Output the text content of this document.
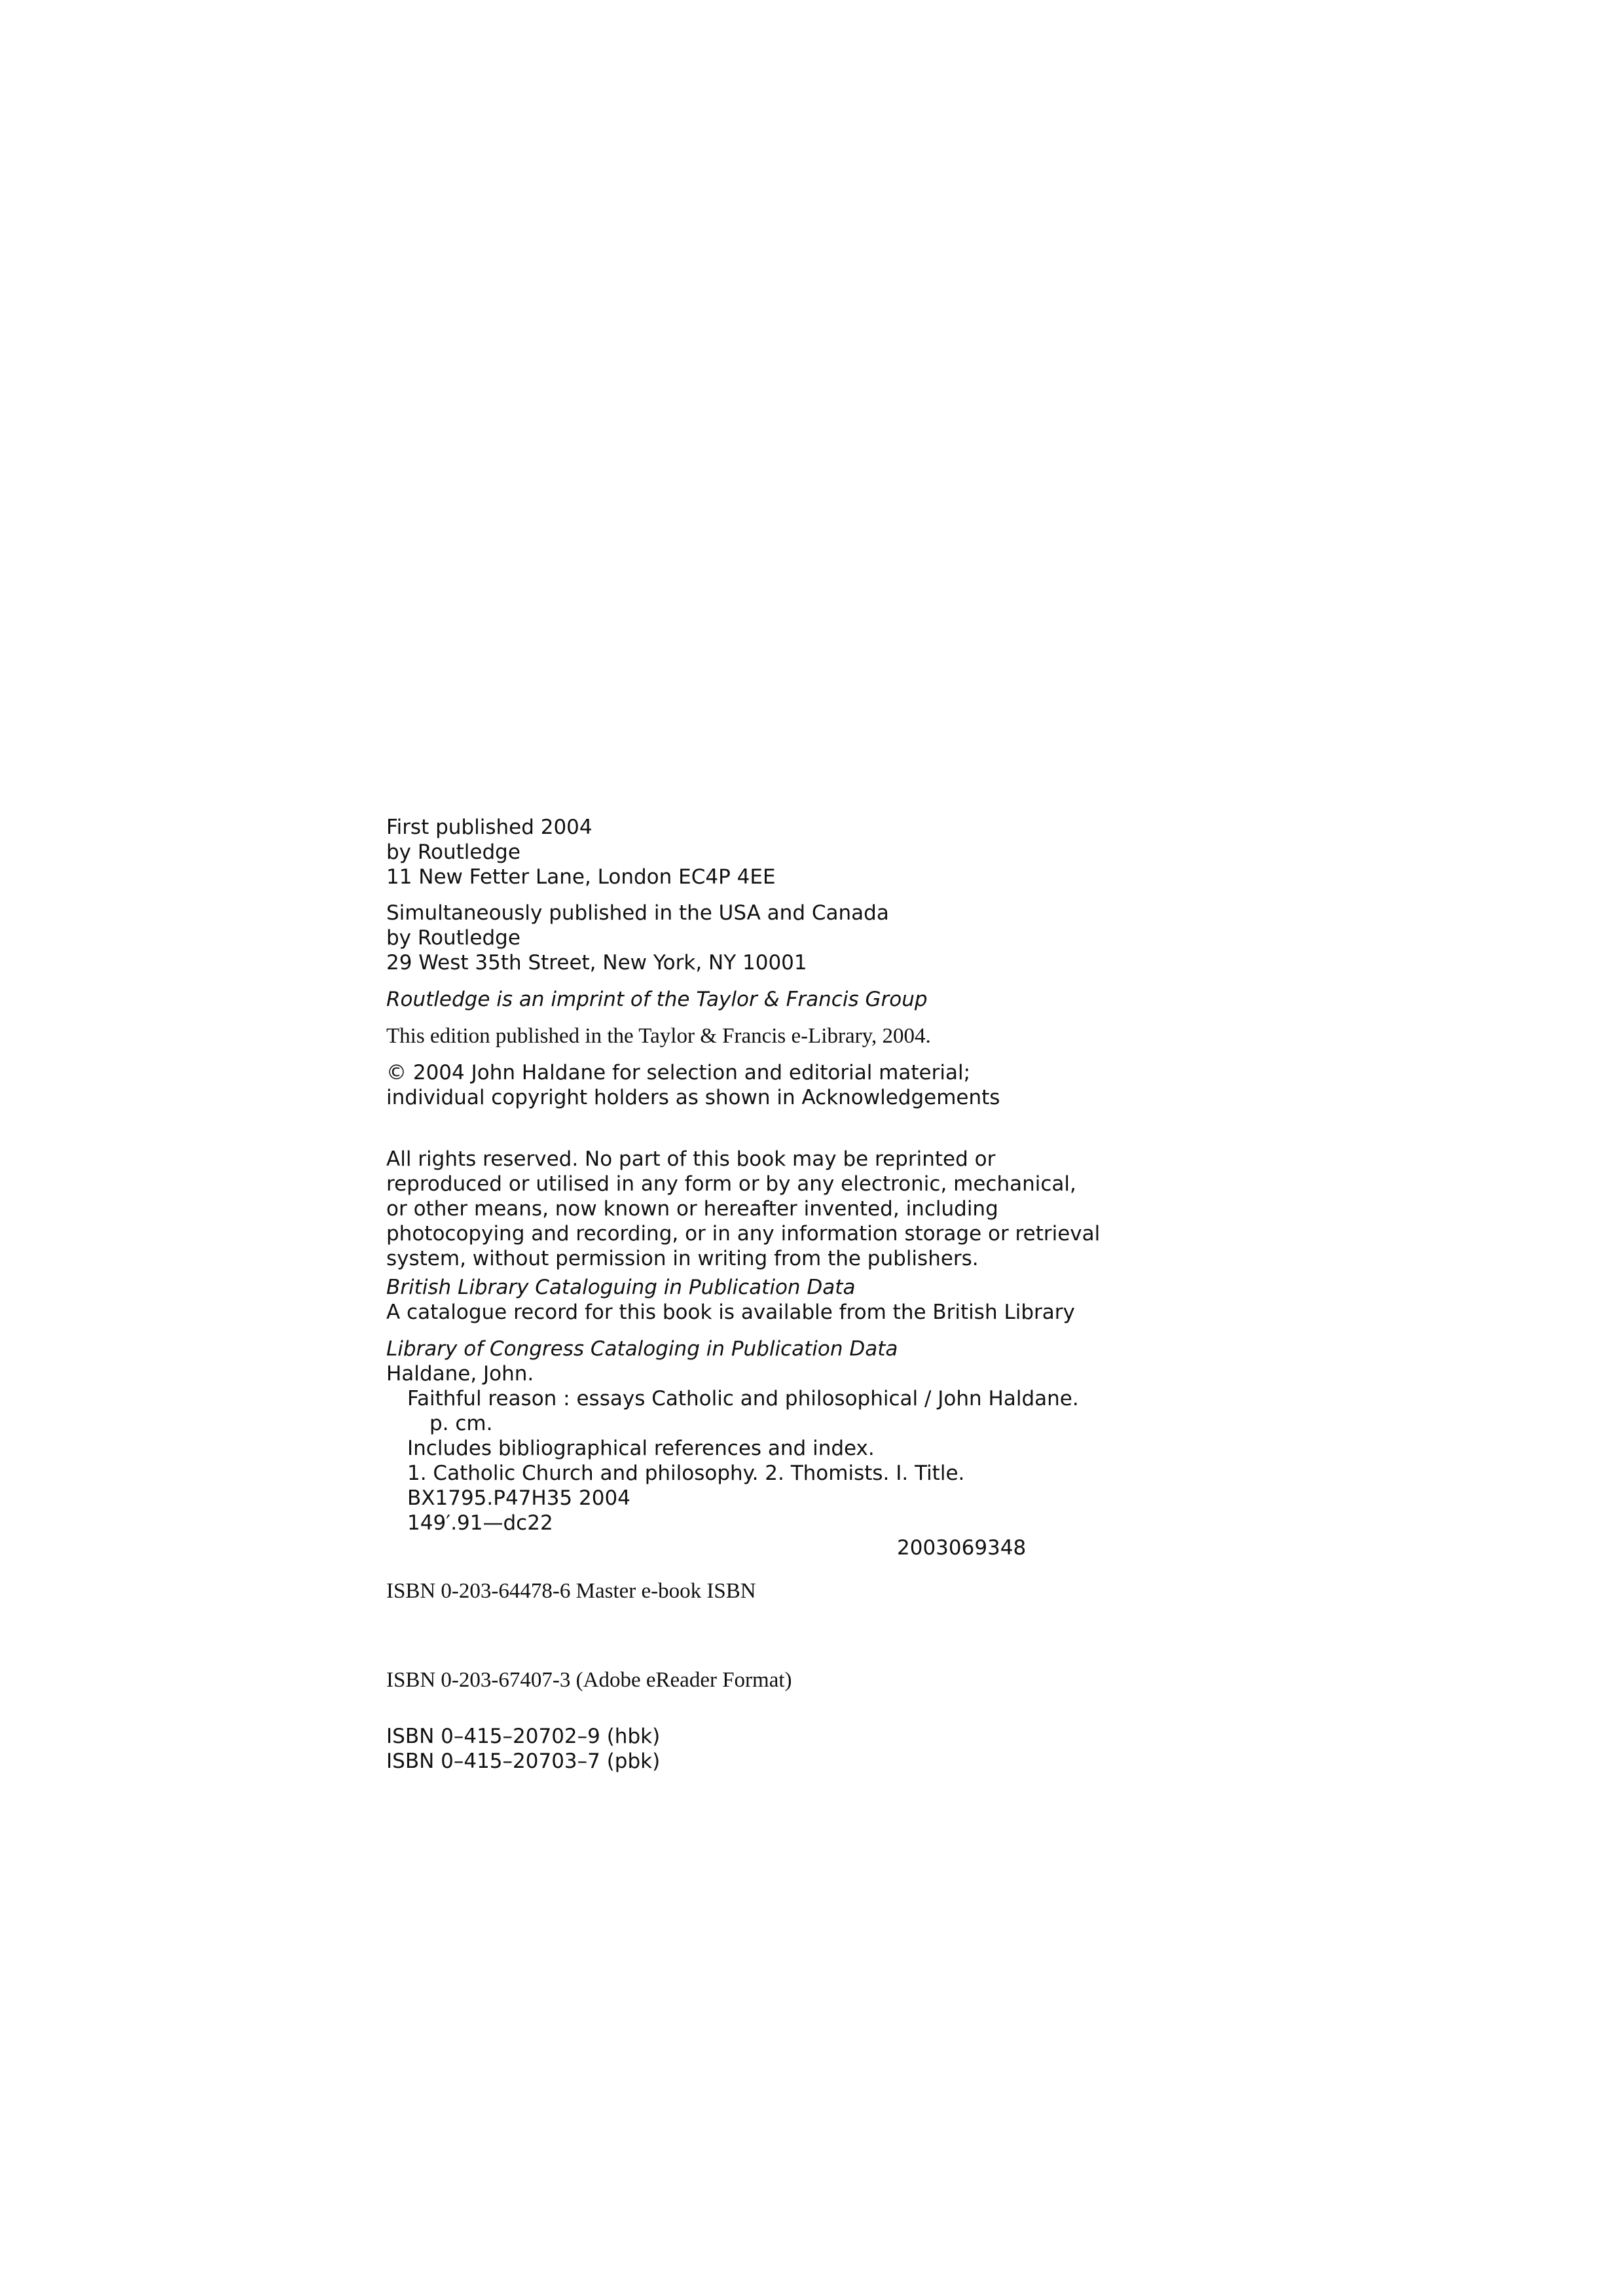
First published 2004
by Routledge
11 New Fetter Lane, London EC4P 4EE
Simultaneously published in the USA and Canada
by Routledge
29 West 35th Street, New York, NY 10001
Routledge is an imprint of the Taylor & Francis Group
This edition published in the Taylor & Francis e-Library, 2004.
© 2004 John Haldane for selection and editorial material;
individual copyright holders as shown in Acknowledgements
All rights reserved. No part of this book may be reprinted or
reproduced or utilised in any form or by any electronic, mechanical,
or other means, now known or hereafter invented, including
photocopying and recording, or in any information storage or retrieval
system, without permission in writing from the publishers.
British Library Cataloguing in Publication Data
A catalogue record for this book is available from the British Library
Library of Congress Cataloging in Publication Data
Haldane, John.
Faithful reason : essays Catholic and philosophical / John Haldane.
p. cm.
Includes bibliographical references and index.
1. Catholic Church and philosophy. 2. Thomists. I. Title.
BX1795.P47H35 2004
149′.91—dc22
2003069348
ISBN 0-203-64478-6 Master e-book ISBN
ISBN 0-203-67407-3 (Adobe eReader Format)
ISBN 0–415–20702–9 (hbk)
ISBN 0–415–20703–7 (pbk)
